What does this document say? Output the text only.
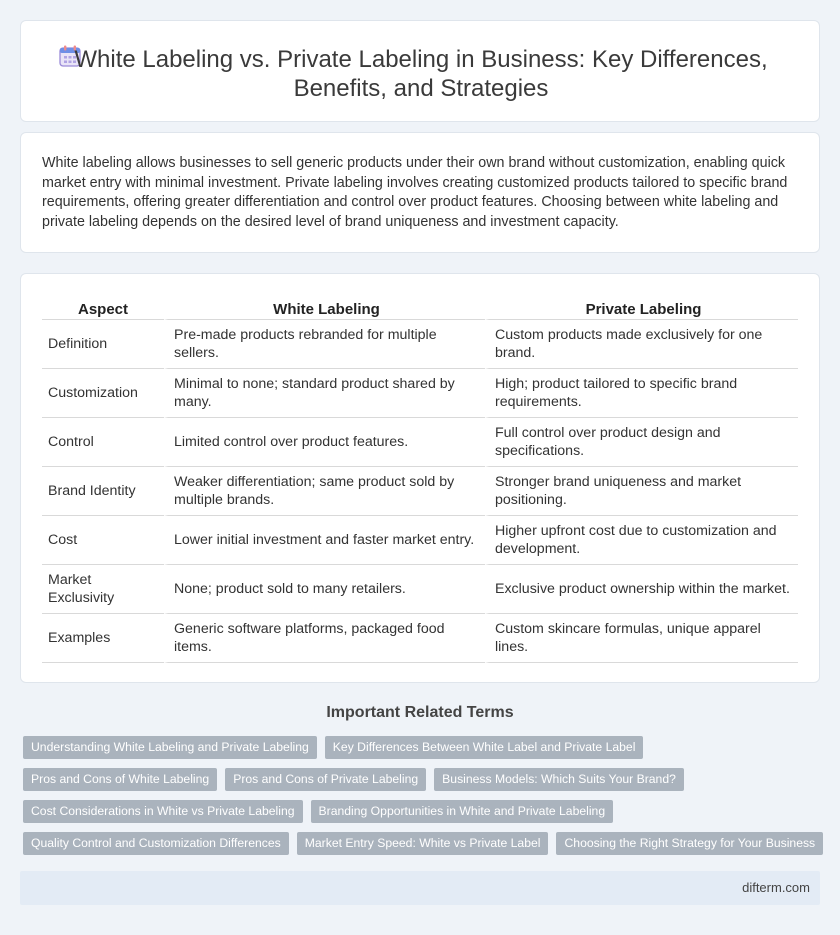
White Labeling vs. Private Labeling in Business: Key Differences, Benefits, and Strategies

White labeling allows businesses to sell generic products under their own brand without customization, enabling quick market entry with minimal investment. Private labeling involves creating customized products tailored to specific brand requirements, offering greater differentiation and control over product features. Choosing between white labeling and private labeling depends on the desired level of brand uniqueness and investment capacity.

Aspect	White Labeling	Private Labeling
Definition	Pre-made products rebranded for multiple sellers.	Custom products made exclusively for one brand.
Customization	Minimal to none; standard product shared by many.	High; product tailored to specific brand requirements.
Control	Limited control over product features.	Full control over product design and specifications.
Brand Identity	Weaker differentiation; same product sold by multiple brands.	Stronger brand uniqueness and market positioning.
Cost	Lower initial investment and faster market entry.	Higher upfront cost due to customization and development.
Market Exclusivity	None; product sold to many retailers.	Exclusive product ownership within the market.
Examples	Generic software platforms, packaged food items.	Custom skincare formulas, unique apparel lines.
Important Related Terms
Understanding White Labeling and Private Labeling	Key Differences Between White Label and Private Label
Pros and Cons of White Labeling	Pros and Cons of Private Labeling	Business Models: Which Suits Your Brand?
Cost Considerations in White vs Private Labeling	Branding Opportunities in White and Private Labeling
Quality Control and Customization Differences	Market Entry Speed: White vs Private Label	Choosing the Right Strategy for Your Business
difterm.com
